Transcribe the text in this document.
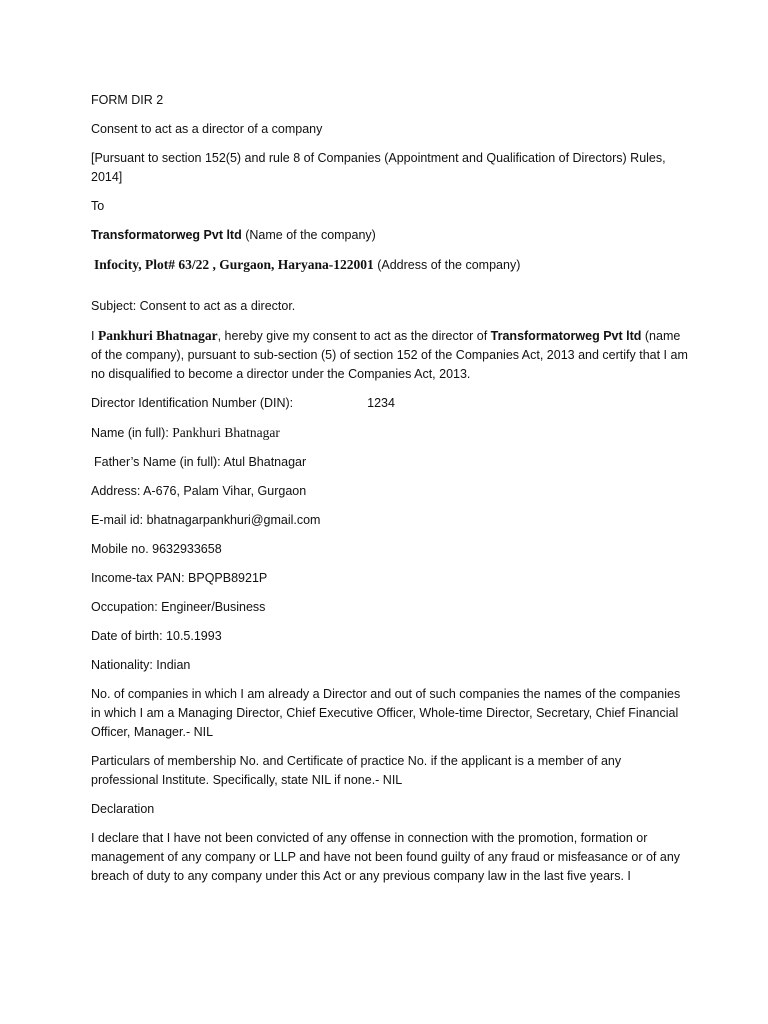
FORM DIR 2

Consent to act as a director of a company

[Pursuant to section 152(5) and rule 8 of Companies (Appointment and Qualification of Directors) Rules, 2014]

To

Transformatorweg Pvt ltd (Name of the company)

Infocity, Plot# 63/22 , Gurgaon, Haryana-122001 (Address of the company)

Subject: Consent to act as a director.

I Pankhuri Bhatnagar, hereby give my consent to act as the director of Transformatorweg Pvt ltd (name of the company), pursuant to sub-section (5) of section 152 of the Companies Act, 2013 and certify that I am no disqualified to become a director under the Companies Act, 2013.

Director Identification Number (DIN):	1234

Name (in full): Pankhuri Bhatnagar

Father’s Name (in full): Atul Bhatnagar

Address: A-676, Palam Vihar, Gurgaon

E-mail id: bhatnagarpankhuri@gmail.com

Mobile no. 9632933658

Income-tax PAN: BPQPB8921P

Occupation: Engineer/Business

Date of birth: 10.5.1993

Nationality: Indian

No. of companies in which I am already a Director and out of such companies the names of the companies in which I am a Managing Director, Chief Executive Officer, Whole-time Director, Secretary, Chief Financial Officer, Manager.- NIL

Particulars of membership No. and Certificate of practice No. if the applicant is a member of any professional Institute. Specifically, state NIL if none.- NIL

Declaration

I declare that I have not been convicted of any offense in connection with the promotion, formation or management of any company or LLP and have not been found guilty of any fraud or misfeasance or of any breach of duty to any company under this Act or any previous company law in the last five years. I
